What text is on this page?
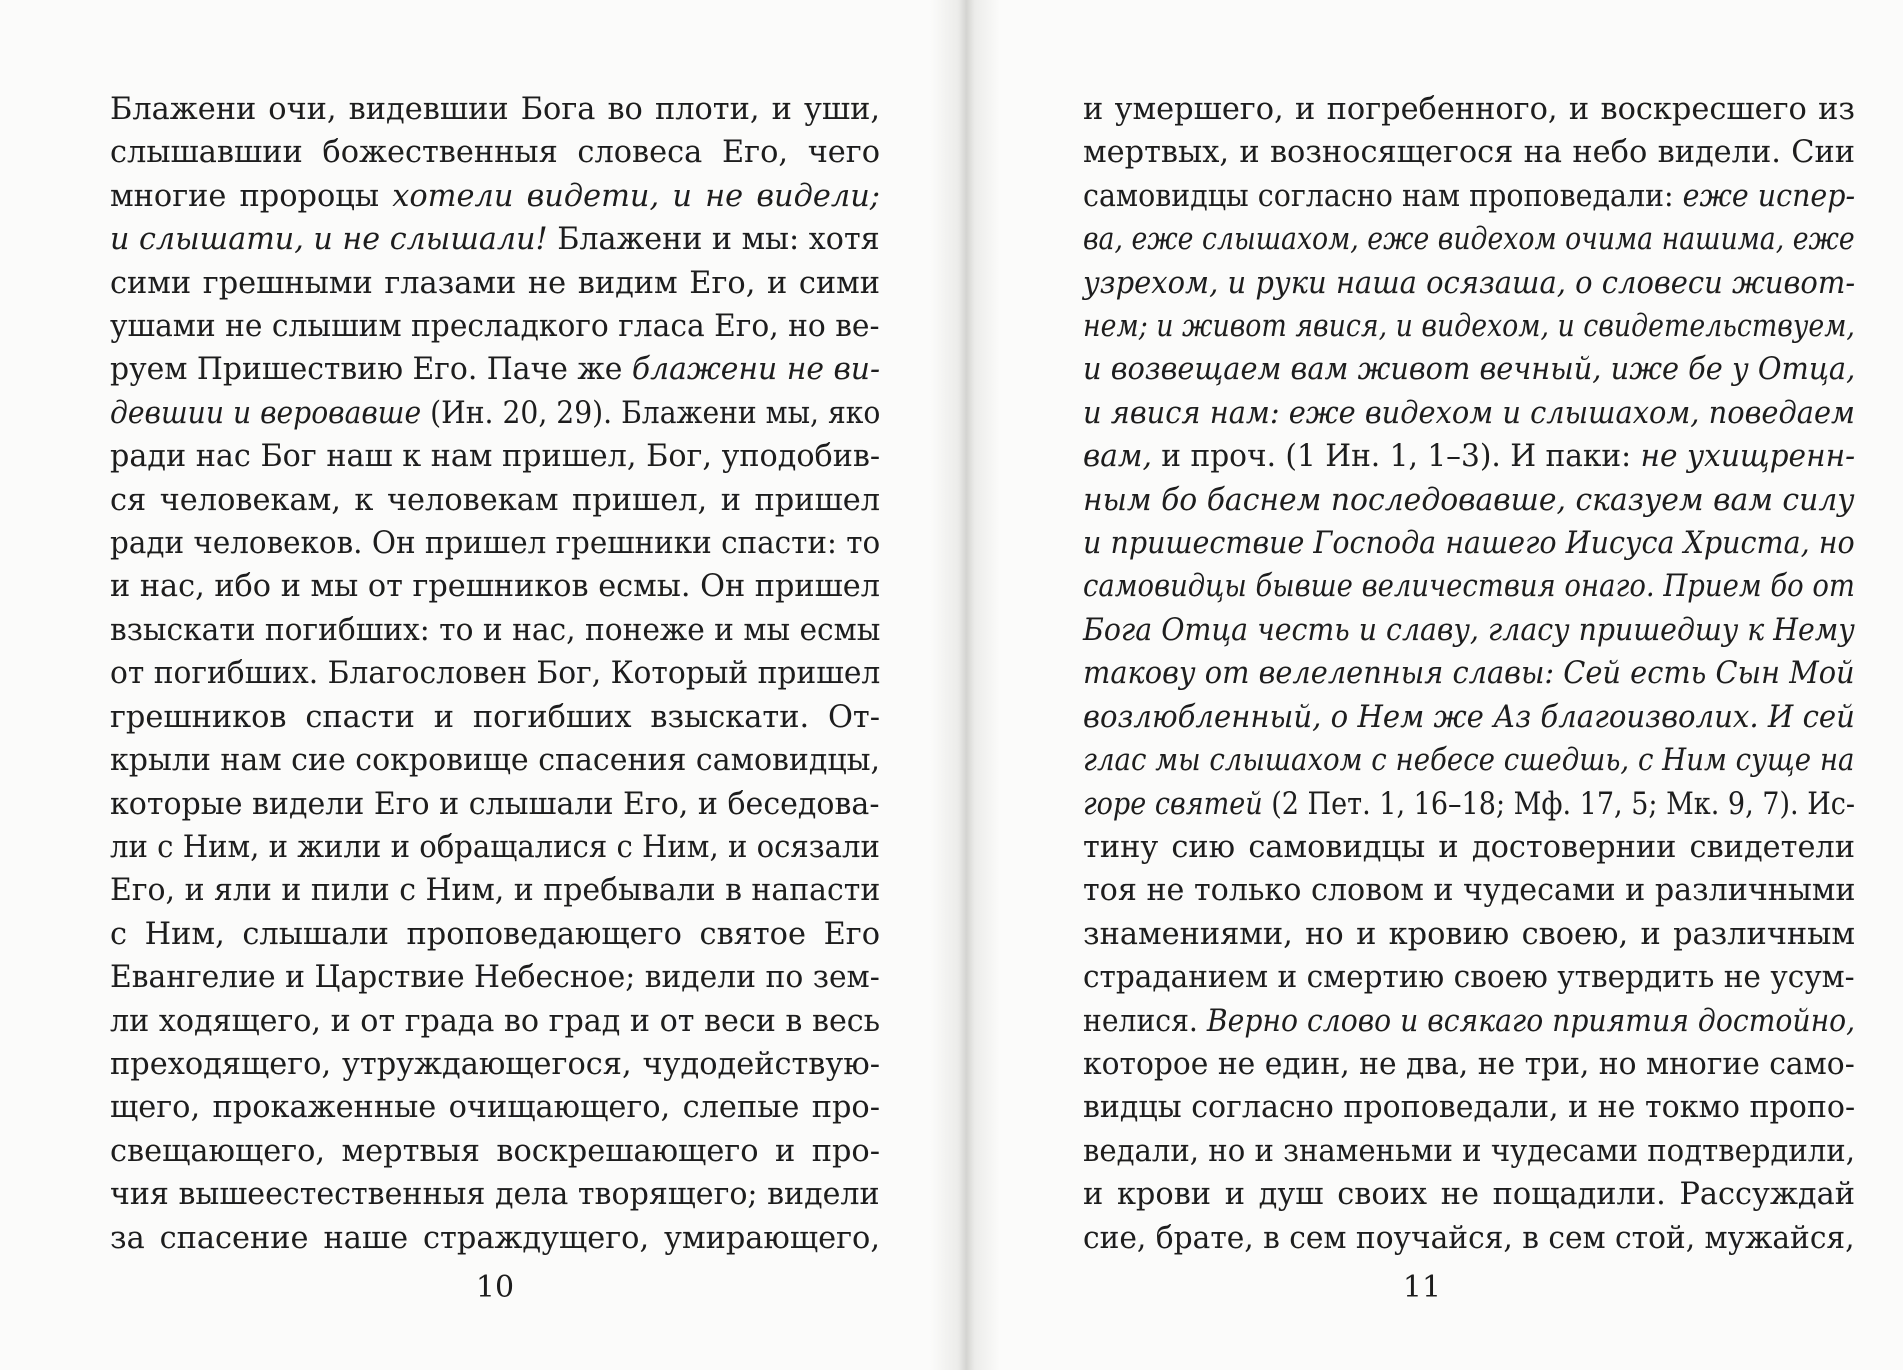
Блажени очи, видевшии Бога во плоти, и уши,
слышавшии божественныя словеса Его, чего
многие пророцы хотели видети, и не видели;
и слышати, и не слышали! Блажени и мы: хотя
сими грешными глазами не видим Его, и сими
ушами не слышим пресладкого гласа Его, но ве-
руем Пришествию Его. Паче же блажени не ви-
девшии и веровавше (Ин. 20, 29). Блажени мы, яко
ради нас Бог наш к нам пришел, Бог, уподобив-
ся человекам, к человекам пришел, и пришел
ради человеков. Он пришел грешники спасти: то
и нас, ибо и мы от грешников есмы. Он пришел
взыскати погибших: то и нас, понеже и мы есмы
от погибших. Благословен Бог, Который пришел
грешников спасти и погибших взыскати. От-
крыли нам сие сокровище спасения самовидцы,
которые видели Его и слышали Его, и беседова-
ли с Ним, и жили и обращалися с Ним, и осязали
Его, и яли и пили с Ним, и пребывали в напасти
с Ним, слышали проповедающего святое Его
Евангелие и Царствие Небесное; видели по зем-
ли ходящего, и от града во град и от веси в весь
преходящего, утруждающегося, чудодействую-
щего, прокаженные очищающего, слепые про-
свещающего, мертвыя воскрешающего и про-
чия вышеестественныя дела творящего; видели
за спасение наше страждущего, умирающего,
10
и умершего, и погребенного, и воскресшего из
мертвых, и возносящегося на небо видели. Сии
самовидцы согласно нам проповедали: еже испер-
ва, еже слышахом, еже видехом очима нашима, еже
узрехом, и руки наша осязаша, о словеси живот-
нем; и живот явися, и видехом, и свидетельствуем,
и возвещаем вам живот вечный, иже бе у Отца,
и явися нам: еже видехом и слышахом, поведаем
вам, и проч. (1 Ин. 1, 1–3). И паки: не ухищренн-
ным бо баснем последовавше, сказуем вам силу
и пришествие Господа нашего Иисуса Христа, но
самовидцы бывше величествия онаго. Прием бо от
Бога Отца честь и славу, гласу пришедшу к Нему
такову от велелепныя славы: Сей есть Сын Мой
возлюбленный, о Нем же Аз благоизволих. И сей
глас мы слышахом с небесе сшедшь, с Ним суще на
горе святей (2 Пет. 1, 16–18; Мф. 17, 5; Мк. 9, 7). Ис-
тину сию самовидцы и достовернии свидетели
тоя не только словом и чудесами и различными
знамениями, но и кровию своею, и различным
страданием и смертию своею утвердить не усум-
нелися. Верно слово и всякаго приятия достойно,
которое не един, не два, не три, но многие само-
видцы согласно проповедали, и не токмо пропо-
ведали, но и знаменьми и чудесами подтвердили,
и крови и душ своих не пощадили. Рассуждай
сие, брате, в сем поучайся, в сем стой, мужайся,
11
